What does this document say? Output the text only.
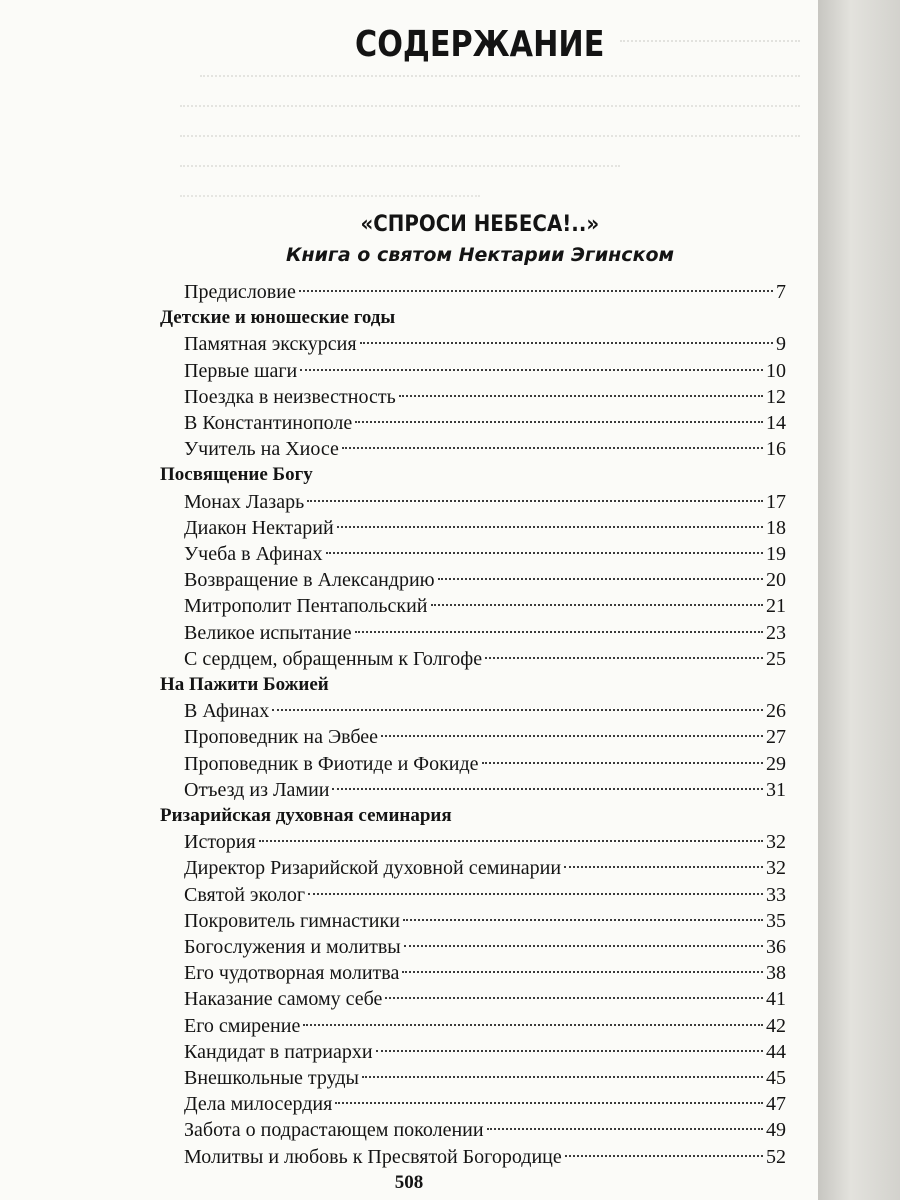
СОДЕРЖАНИЕ
«СПРОСИ НЕБЕСА!..»
Книга о святом Нектарии Эгинском
Предисловие	7
Детские и юношеские годы
Памятная экскурсия	9
Первые шаги	10
Поездка в неизвестность	12
В Константинополе	14
Учитель на Хиосе	16
Посвящение Богу
Монах Лазарь	17
Диакон Нектарий	18
Учеба в Афинах	19
Возвращение в Александрию	20
Митрополит Пентапольский	21
Великое испытание	23
С сердцем, обращенным к Голгофе	25
На Пажити Божией
В Афинах	26
Проповедник на Эвбее	27
Проповедник в Фиотиде и Фокиде	29
Отъезд из Ламии	31
Ризарийская духовная семинария
История	32
Директор Ризарийской духовной семинарии	32
Святой эколог	33
Покровитель гимнастики	35
Богослужения и молитвы	36
Его чудотворная молитва	38
Наказание самому себе	41
Его смирение	42
Кандидат в патриархи	44
Внешкольные труды	45
Дела милосердия	47
Забота о подрастающем поколении	49
Молитвы и любовь к Пресвятой Богородице	52
508
